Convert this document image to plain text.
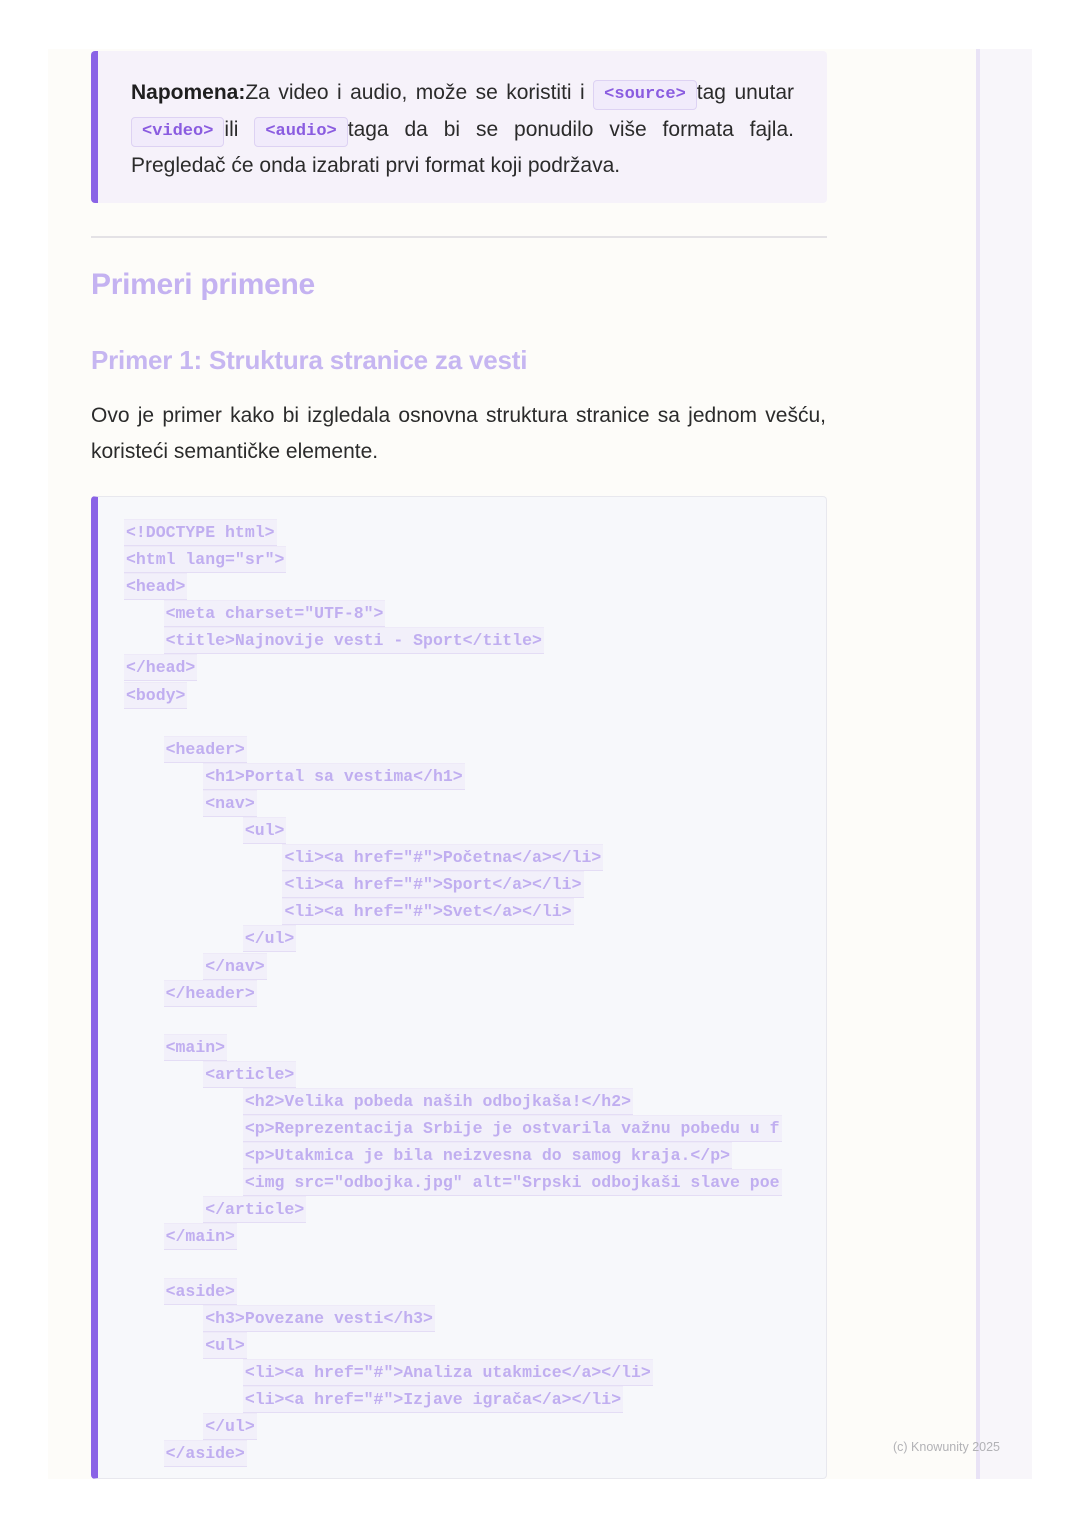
Napomena:Za video i audio, može se koristiti i <source> tag unutar <video> ili <audio> taga da bi se ponudilo više formata fajla. Pregledač će onda izabrati prvi format koji podržava.
Primeri primene
Primer 1: Struktura stranice za vesti

Ovo je primer kako bi izgledala osnovna struktura stranice sa jednom vešću, koristeći semantičke elemente.

<!DOCTYPE html>
<html lang="sr">
<head>
<meta charset="UTF-8">
<title>Najnovije vesti - Sport</title>
</head>
<body>
<header>
<h1>Portal sa vestima</h1>
<nav>
<ul>
<li><a href="#">Početna</a></li>
<li><a href="#">Sport</a></li>
<li><a href="#">Svet</a></li>
</ul>
</nav>
</header>
<main>
<article>
<h2>Velika pobeda naših odbojkaša!</h2>
<p>Reprezentacija Srbije je ostvarila važnu pobedu u f
<p>Utakmica je bila neizvesna do samog kraja.</p>
<img src="odbojka.jpg" alt="Srpski odbojkaši slave poe
</article>
</main>
<aside>
<h3>Povezane vesti</h3>
<ul>
<li><a href="#">Analiza utakmice</a></li>
<li><a href="#">Izjave igrača</a></li>
</ul>
</aside>	(c) Knowunity 2025
